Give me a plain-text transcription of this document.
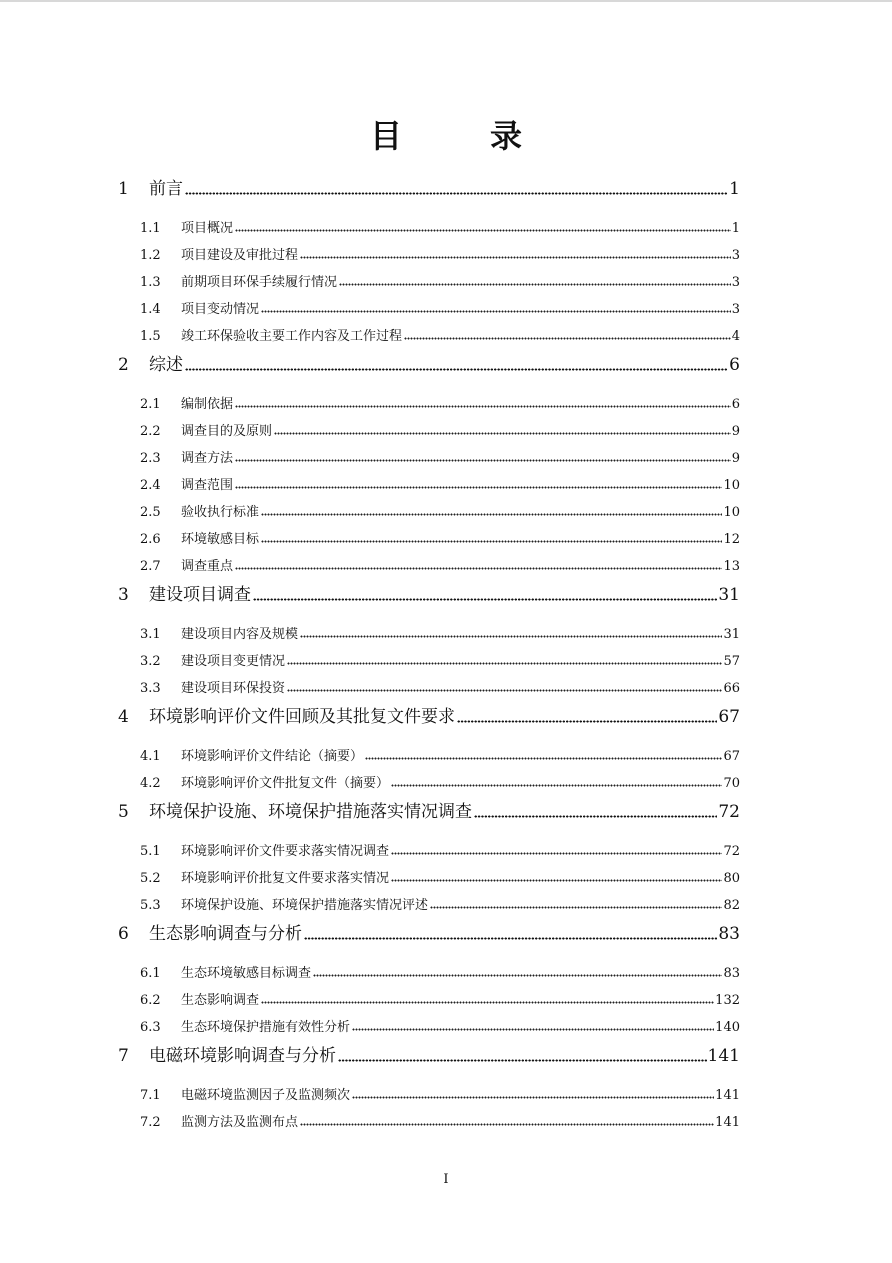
目　录
1	前言	1
1.1	项目概况	1
1.2	项目建设及审批过程	3
1.3	前期项目环保手续履行情况	3
1.4	项目变动情况	3
1.5	竣工环保验收主要工作内容及工作过程	4
2	综述	6
2.1	编制依据	6
2.2	调查目的及原则	9
2.3	调查方法	9
2.4	调查范围	10
2.5	验收执行标准	10
2.6	环境敏感目标	12
2.7	调查重点	13
3	建设项目调查	31
3.1	建设项目内容及规模	31
3.2	建设项目变更情况	57
3.3	建设项目环保投资	66
4	环境影响评价文件回顾及其批复文件要求	67
4.1	环境影响评价文件结论（摘要）	67
4.2	环境影响评价文件批复文件（摘要）	70
5	环境保护设施、环境保护措施落实情况调查	72
5.1	环境影响评价文件要求落实情况调查	72
5.2	环境影响评价批复文件要求落实情况	80
5.3	环境保护设施、环境保护措施落实情况评述	82
6	生态影响调查与分析	83
6.1	生态环境敏感目标调查	83
6.2	生态影响调查	132
6.3	生态环境保护措施有效性分析	140
7	电磁环境影响调查与分析	141
7.1	电磁环境监测因子及监测频次	141
7.2	监测方法及监测布点	141
I
